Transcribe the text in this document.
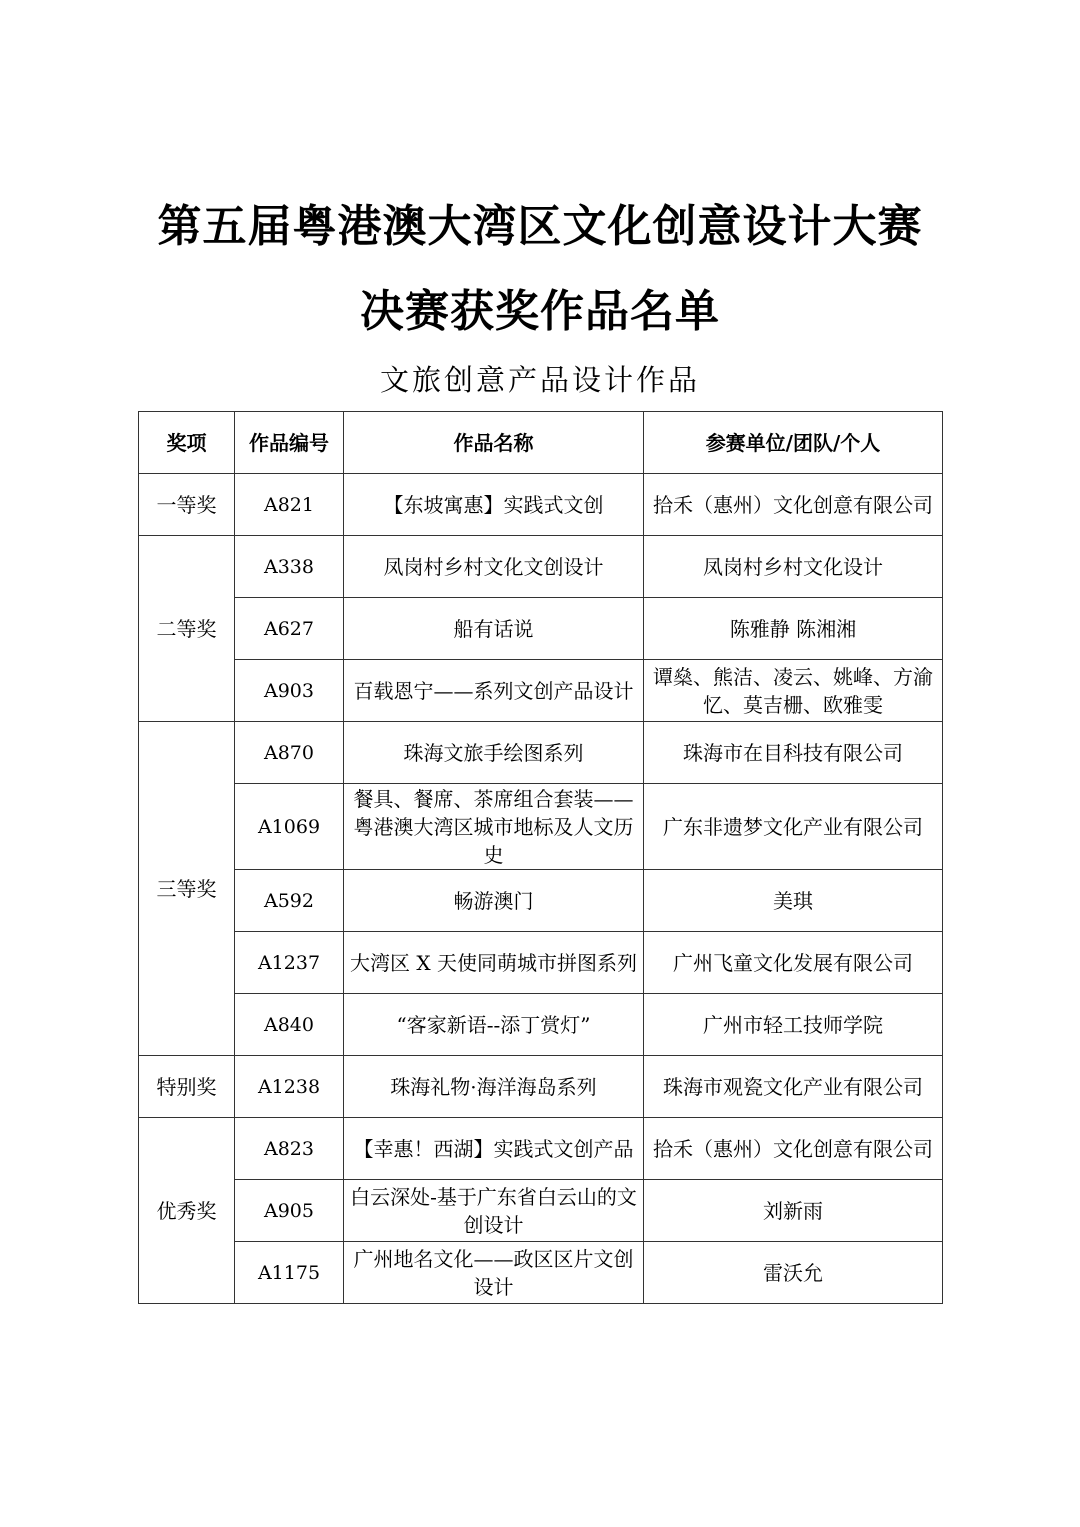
第五届粤港澳大湾区文化创意设计大赛
决赛获奖作品名单
文旅创意产品设计作品
奖项	作品编号	作品名称	参赛单位/团队/个人
一等奖	A821	【东坡寓惠】实践式文创	拾禾（惠州）文化创意有限公司
二等奖	A338	凤岗村乡村文化文创设计	凤岗村乡村文化设计
	A627	船有话说	陈雅静 陈湘湘
	A903	百载恩宁——系列文创产品设计	谭燊、熊洁、凌云、姚峰、方渝忆、莫吉栅、欧雅雯
三等奖	A870	珠海文旅手绘图系列	珠海市在目科技有限公司
	A1069	餐具、餐席、茶席组合套装——粤港澳大湾区城市地标及人文历史	广东非遗梦文化产业有限公司
	A592	畅游澳门	美琪
	A1237	大湾区 X 天使同萌城市拼图系列	广州飞童文化发展有限公司
	A840	“客家新语--添丁赏灯”	广州市轻工技师学院
特别奖	A1238	珠海礼物·海洋海岛系列	珠海市观瓷文化产业有限公司
优秀奖	A823	【幸惠！西湖】实践式文创产品	拾禾（惠州）文化创意有限公司
	A905	白云深处-基于广东省白云山的文创设计	刘新雨
	A1175	广州地名文化——政区区片文创设计	雷沃允
